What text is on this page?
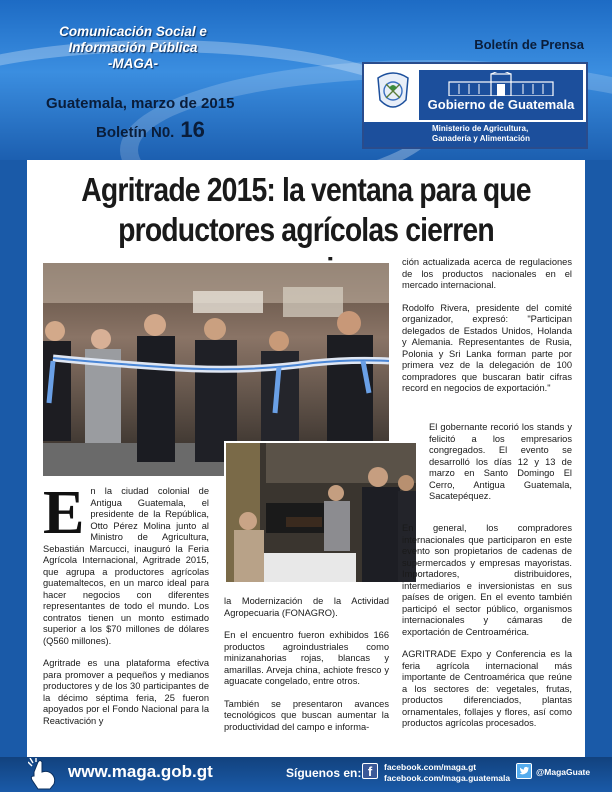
Comunicación Social e
Información Pública
-MAGA-
Guatemala, marzo de 2015
Boletín N0. 16
Boletín de Prensa
Gobierno de Guatemala
Ministerio de Agricultura,
Ganadería y Alimentación
Agritrade 2015: la ventana para que
productores agrícolas cierren

En la ciudad colonial de Antigua Guatemala, el presidente de la República, Otto Pérez Molina junto al Ministro de Agricultura, Sebastián Marcucci, inauguró la Feria Agrícola Internacional, Agritrade 2015, que agrupa a productores agrícolas guatemaltecos, en un marco ideal para hacer negocios con diferentes representantes de todo el mundo. Los contratos tienen un monto estimado superior a los $70 millones de dólares (Q560 millones).

Agritrade es una plataforma efectiva para promover a pequeños y medianos productores y de los 30 participantes de la décimo séptima feria, 25 fueron apoyados por el Fondo Nacional para la Reactivación y

la Modernización de la Actividad Agropecuaria (FONAGRO).

En el encuentro fueron exhibidos 166 productos agroindustriales como minizanahorias rojas, blancas y amarillas. Arveja china, achiote fresco y aguacate congelado, entre otros.

También se presentaron avances tecnológicos que buscan aumentar la productividad del campo e informa-

ción actualizada acerca de regulaciones de los productos nacionales en el mercado internacional.

Rodolfo Rivera, presidente del comité organizador, expresó: "Participan delegados de Estados Unidos, Holanda y Alemania. Representantes de Rusia, Polonia y Sri Lanka forman parte por primera vez de la delegación de 100 compradores que buscaran batir cifras record en negocios de exportación."

El gobernante recorió los stands y felicitó a los empresarios congregados. El evento se desarrolló los días 12 y 13 de marzo en Santo Domingo El Cerro, Antigua Guatemala, Sacatepéquez.

En general, los compradores internacionales que participaron en este evento son propietarios de cadenas de supermercados y empresas mayoristas. Importadores, distribuidores, intermediarios e inversionistas en sus países de origen. En el evento también participó el sector público, organismos internacionales y cámaras de exportación de Centroamérica.

AGRITRADE Expo y Conferencia es la feria agrícola internacional más importante de Centroamérica que reúne a los sectores de: vegetales, frutas, productos diferenciados, plantas ornamentales, follajes y flores, así como productos agrícolas procesados.

www.maga.gob.gt	Síguenos en: f	facebook.com/maga.gt
facebook.com/maga.guatemala
@MagaGuate
